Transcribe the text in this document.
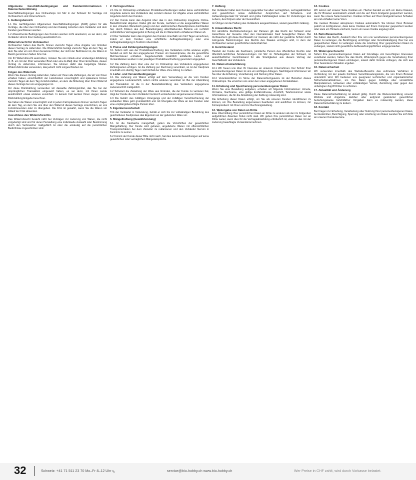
Allgemeine Geschäftsbedingungen und Kundeninformationen / Datenschutzerklärung

Geschäftsbedingungen des Onlineshops mit Sitz in der Schweiz für Verträge mit Verbrauchern und Unternehmern.

1. Geltungsbereich

1.1 Die nachfolgenden Allgemeinen Geschäftsbedingungen (AGB) gelten für alle Verträge, die über den Onlineshop und den Katalog zwischen dem Verkäufer und dem Kunden geschlossen werden.

1.2 Abweichende Bedingungen des Kunden werden nicht anerkannt, es sei denn, der Verkäufer stimmt ihrer Geltung ausdrücklich zu.

Widerrufsrecht für Verbraucher

Verbraucher haben das Recht, binnen vierzehn Tagen ohne Angabe von Gründen diesen Vertrag zu widerrufen. Die Widerrufsfrist beträgt vierzehn Tage ab dem Tag, an dem Sie oder ein von Ihnen benannter Dritter, der nicht der Beförderer ist, die Waren in Besitz genommen haben bzw. hat.

Um Ihr Widerrufsrecht auszuüben, müssen Sie uns mittels einer eindeutigen Erklärung (z. B. ein mit der Post versandter Brief oder eine E-Mail) über Ihren Entschluss, diesen Vertrag zu widerrufen, informieren. Sie können dafür das beigefügte Muster-Widerrufsformular verwenden, das jedoch nicht vorgeschrieben ist.

Folgen des Widerrufs

Wenn Sie diesen Vertrag widerrufen, haben wir Ihnen alle Zahlungen, die wir von Ihnen erhalten haben, einschließlich der Lieferkosten unverzüglich und spätestens binnen vierzehn Tagen ab dem Tag zurückzuzahlen, an dem die Mitteilung über Ihren Widerruf dieses Vertrags bei uns eingegangen ist.

Für diese Rückzahlung verwenden wir dasselbe Zahlungsmittel, das Sie bei der ursprünglichen Transaktion eingesetzt haben, es sei denn, mit Ihnen wurde ausdrücklich etwas anderes vereinbart. In keinem Fall werden Ihnen wegen dieser Rückzahlung Entgelte berechnet.

Sie haben die Waren unverzüglich und in jedem Fall spätestens binnen vierzehn Tagen ab dem Tag, an dem Sie uns über den Widerruf dieses Vertrags unterrichten, an uns zurückzusenden oder zu übergeben. Die Frist ist gewahrt, wenn Sie die Waren vor Ablauf der Frist absenden.

Ausschluss des Widerrufsrechts

Das Widerrufsrecht besteht nicht bei Verträgen zur Lieferung von Waren, die nicht vorgefertigt sind und für deren Herstellung eine individuelle Auswahl oder Bestimmung durch den Verbraucher maßgeblich ist oder die eindeutig auf die persönlichen Bedürfnisse zugeschnitten sind.

2. Vertragsschluss

2.1 Die im Onlineshop enthaltenen Produktbeschreibungen stellen keine verbindlichen Angebote seitens des Verkäufers dar, sondern dienen zur Abgabe eines verbindlichen Angebots durch den Kunden.

2.2 Der Kunde kann das Angebot über das in den Onlineshop integrierte Online-Bestellformular abgeben. Dabei gibt der Kunde, nachdem er die ausgewählten Waren in den virtuellen Warenkorb gelegt und den elektronischen Bestellprozess durchlaufen hat, durch Klicken des den Bestellvorgang abschließenden Buttons ein rechtlich verbindliches Vertragsangebot in Bezug auf die im Warenkorb enthaltenen Waren ab.

2.3 Der Verkäufer kann das Angebot des Kunden innerhalb von fünf Tagen annehmen, indem er dem Kunden eine schriftliche Auftragsbestätigung oder eine Auftragsbestätigung in Textform übermittelt.

3. Preise und Zahlungsbedingungen

3.1 Sofern sich aus der Produktbeschreibung des Verkäufers nichts anderes ergibt, handelt es sich bei den angegebenen Preisen um Gesamtpreise, die die gesetzliche Mehrwertsteuer enthalten. Gegebenenfalls zusätzlich anfallende Liefer- und Versandkosten werden in der jeweiligen Produktbeschreibung gesondert angegeben.

3.2 Die Zahlung kann über eine der im Onlineshop des Verkäufers angegebenen Zahlungsarten erfolgen. Ist die Zahlung per Rechnung vereinbart, so ist der Kaufpreis innerhalb von dreißig Tagen nach Erhalt der Ware ohne Abzug zu zahlen.

4. Liefer- und Versandbedingungen

4.1 Die Lieferung von Waren erfolgt auf dem Versandweg an die vom Kunden angegebene Lieferanschrift, sofern nichts anderes vereinbart ist. Bei der Abwicklung der Transaktion ist die in der Bestellabwicklung des Verkäufers angegebene Lieferanschrift maßgeblich.

4.2 Scheitert die Zustellung der Ware aus Gründen, die der Kunde zu vertreten hat, trägt der Kunde die dem Verkäufer hierdurch entstehenden angemessenen Kosten.

4.3 Die Gefahr des zufälligen Untergangs und der zufälligen Verschlechterung der verkauften Ware geht grundsätzlich erst mit Übergabe der Ware an den Kunden oder eine empfangsberechtigte Person über.

5. Eigentumsvorbehalt

Tritt der Verkäufer in Vorleistung, behält er sich bis zur vollständigen Bezahlung des geschuldeten Kaufpreises das Eigentum an der gelieferten Ware vor.

6. Mängelhaftung (Gewährleistung)

6.1 Ist die Kaufsache mangelhaft, gelten die Vorschriften der gesetzlichen Mängelhaftung. Der Kunde wird gebeten, angelieferte Waren mit offensichtlichen Transportschäden bei dem Zusteller zu reklamieren und den Verkäufer hiervon in Kenntnis zu setzen.

6.2 Kommt der Kunde dieser Bitte nicht nach, hat dies keinerlei Auswirkungen auf seine gesetzlichen oder vertraglichen Mängelansprüche.

7. Haftung

Der Verkäufer haftet dem Kunden gegenüber bei allen vertraglichen, vertragsähnlichen und gesetzlichen sowie deliktischen Ansprüchen auf Schadens- und Aufwendungsersatz für Vorsatz und grobe Fahrlässigkeit sowie für Verletzungen des Lebens, des Körpers oder der Gesundheit.

Im Übrigen ist die Haftung des Verkäufers ausgeschlossen, soweit gesetzlich zulässig.

8. Anwendbares Recht

Für sämtliche Rechtsbeziehungen der Parteien gilt das Recht der Schweiz unter Ausschluss der Gesetze über den internationalen Kauf beweglicher Waren. Bei Verbrauchern gilt diese Rechtswahl nur insoweit, als nicht der gewährte Schutz durch zwingende Bestimmungen des Rechts des Staates entzogen wird, in dem der Verbraucher seinen gewöhnlichen Aufenthalt hat.

9. Gerichtsstand

Handelt der Kunde als Kaufmann, juristische Person des öffentlichen Rechts oder öffentlich-rechtliches Sondervermögen mit Sitz im Hoheitsgebiet der Schweiz, ist ausschließlicher Gerichtsstand für alle Streitigkeiten aus diesem Vertrag der Geschäftssitz des Verkäufers.

10. Datenschutzerklärung

10.1 Wir freuen uns über Ihr Interesse an unserem Unternehmen. Der Schutz Ihrer personenbezogenen Daten ist uns ein wichtiges Anliegen. Nachfolgend informieren wir Sie über die Erhebung, Verarbeitung und Nutzung Ihrer Daten.

10.2 Verantwortlicher im Sinne der Datenschutzgesetze ist der Betreiber dieses Onlineshops. Sie erreichen uns unter den unten angegebenen Kontaktdaten.

11. Erhebung und Speicherung personenbezogener Daten

Wenn Sie eine Bestellung aufgeben, erheben wir folgende Informationen: Anrede, Vorname, Nachname, eine gültige E-Mail-Adresse, Anschrift, Telefonnummer sowie Informationen, die für die Abwicklung der Zahlung notwendig sind.

Die Erhebung dieser Daten erfolgt, um Sie als unseren Kunden identifizieren zu können, um Ihre Bestellung angemessen bearbeiten und ausführen zu können, zur Korrespondenz mit Ihnen und zur Rechnungsstellung.

12. Weitergabe von Daten an Dritte

Eine Übermittlung Ihrer persönlichen Daten an Dritte zu anderen als den im Folgenden aufgeführten Zwecken findet nicht statt. Wir geben Ihre persönlichen Daten nur an Dritte weiter, wenn dies für die Vertragsabwicklung erforderlich ist, etwa an das mit der Lieferung beauftragte Versandunternehmen.

13. Cookies

Wir setzen auf unserer Seite Cookies ein. Hierbei handelt es sich um kleine Dateien, die Ihr Browser automatisch erstellt und die auf Ihrem Endgerät gespeichert werden, wenn Sie unsere Seite besuchen. Cookies richten auf Ihrem Endgerät keinen Schaden an und enthalten keine Viren.

Die meisten Browser akzeptieren Cookies automatisch. Sie können Ihren Browser jedoch so konfigurieren, dass keine Cookies auf Ihrem Computer gespeichert werden oder stets ein Hinweis erscheint, bevor ein neues Cookie angelegt wird.

14. Betroffenenrechte

Sie haben das Recht, Auskunft über Ihre von uns verarbeiteten personenbezogenen Daten zu verlangen, die Berichtigung unrichtiger oder Vervollständigung Ihrer bei uns gespeicherten Daten zu verlangen sowie die Löschung Ihrer gespeicherten Daten zu verlangen, soweit nicht gesetzliche Aufbewahrungspflichten entgegenstehen.

15. Widerspruchsrecht

Sofern Ihre personenbezogenen Daten auf Grundlage von berechtigten Interessen verarbeitet werden, haben Sie das Recht, Widerspruch gegen die Verarbeitung Ihrer personenbezogenen Daten einzulegen, soweit dafür Gründe vorliegen, die sich aus Ihrer besonderen Situation ergeben.

16. Datensicherheit

Wir verwenden innerhalb des Website-Besuchs das verbreitete Verfahren in Verbindung mit der jeweils höchsten Verschlüsselungsstufe, die von Ihrem Browser unterstützt wird. Wir bedienen uns geeigneter technischer und organisatorischer Sicherheitsmaßnahmen, um Ihre Daten gegen zufällige oder vorsätzliche Manipulationen, teilweisen oder vollständigen Verlust, Zerstörung oder gegen den unbefugten Zugriff Dritter zu schützen.

17. Aktualität und Änderung

Diese Datenschutzerklärung ist aktuell gültig. Durch die Weiterentwicklung unserer Website und Angebote darüber oder aufgrund geänderter gesetzlicher beziehungsweise behördlicher Vorgaben kann es notwendig werden, diese Datenschutzerklärung zu ändern.

18. Kontakt

Bei Fragen zur Erhebung, Verarbeitung oder Nutzung Ihrer personenbezogenen Daten, bei Auskünften, Berichtigung, Sperrung oder Löschung von Daten wenden Sie sich bitte an unseren Kundenservice.

32	Schweiz: +41 71 511 23 70 Mo–Fr 8–12 Uhr	service@bio-hobby.ch www.bio-hobby.ch	Wer Preise in CHF zahlt, wird durch Vorkasse belastet.
